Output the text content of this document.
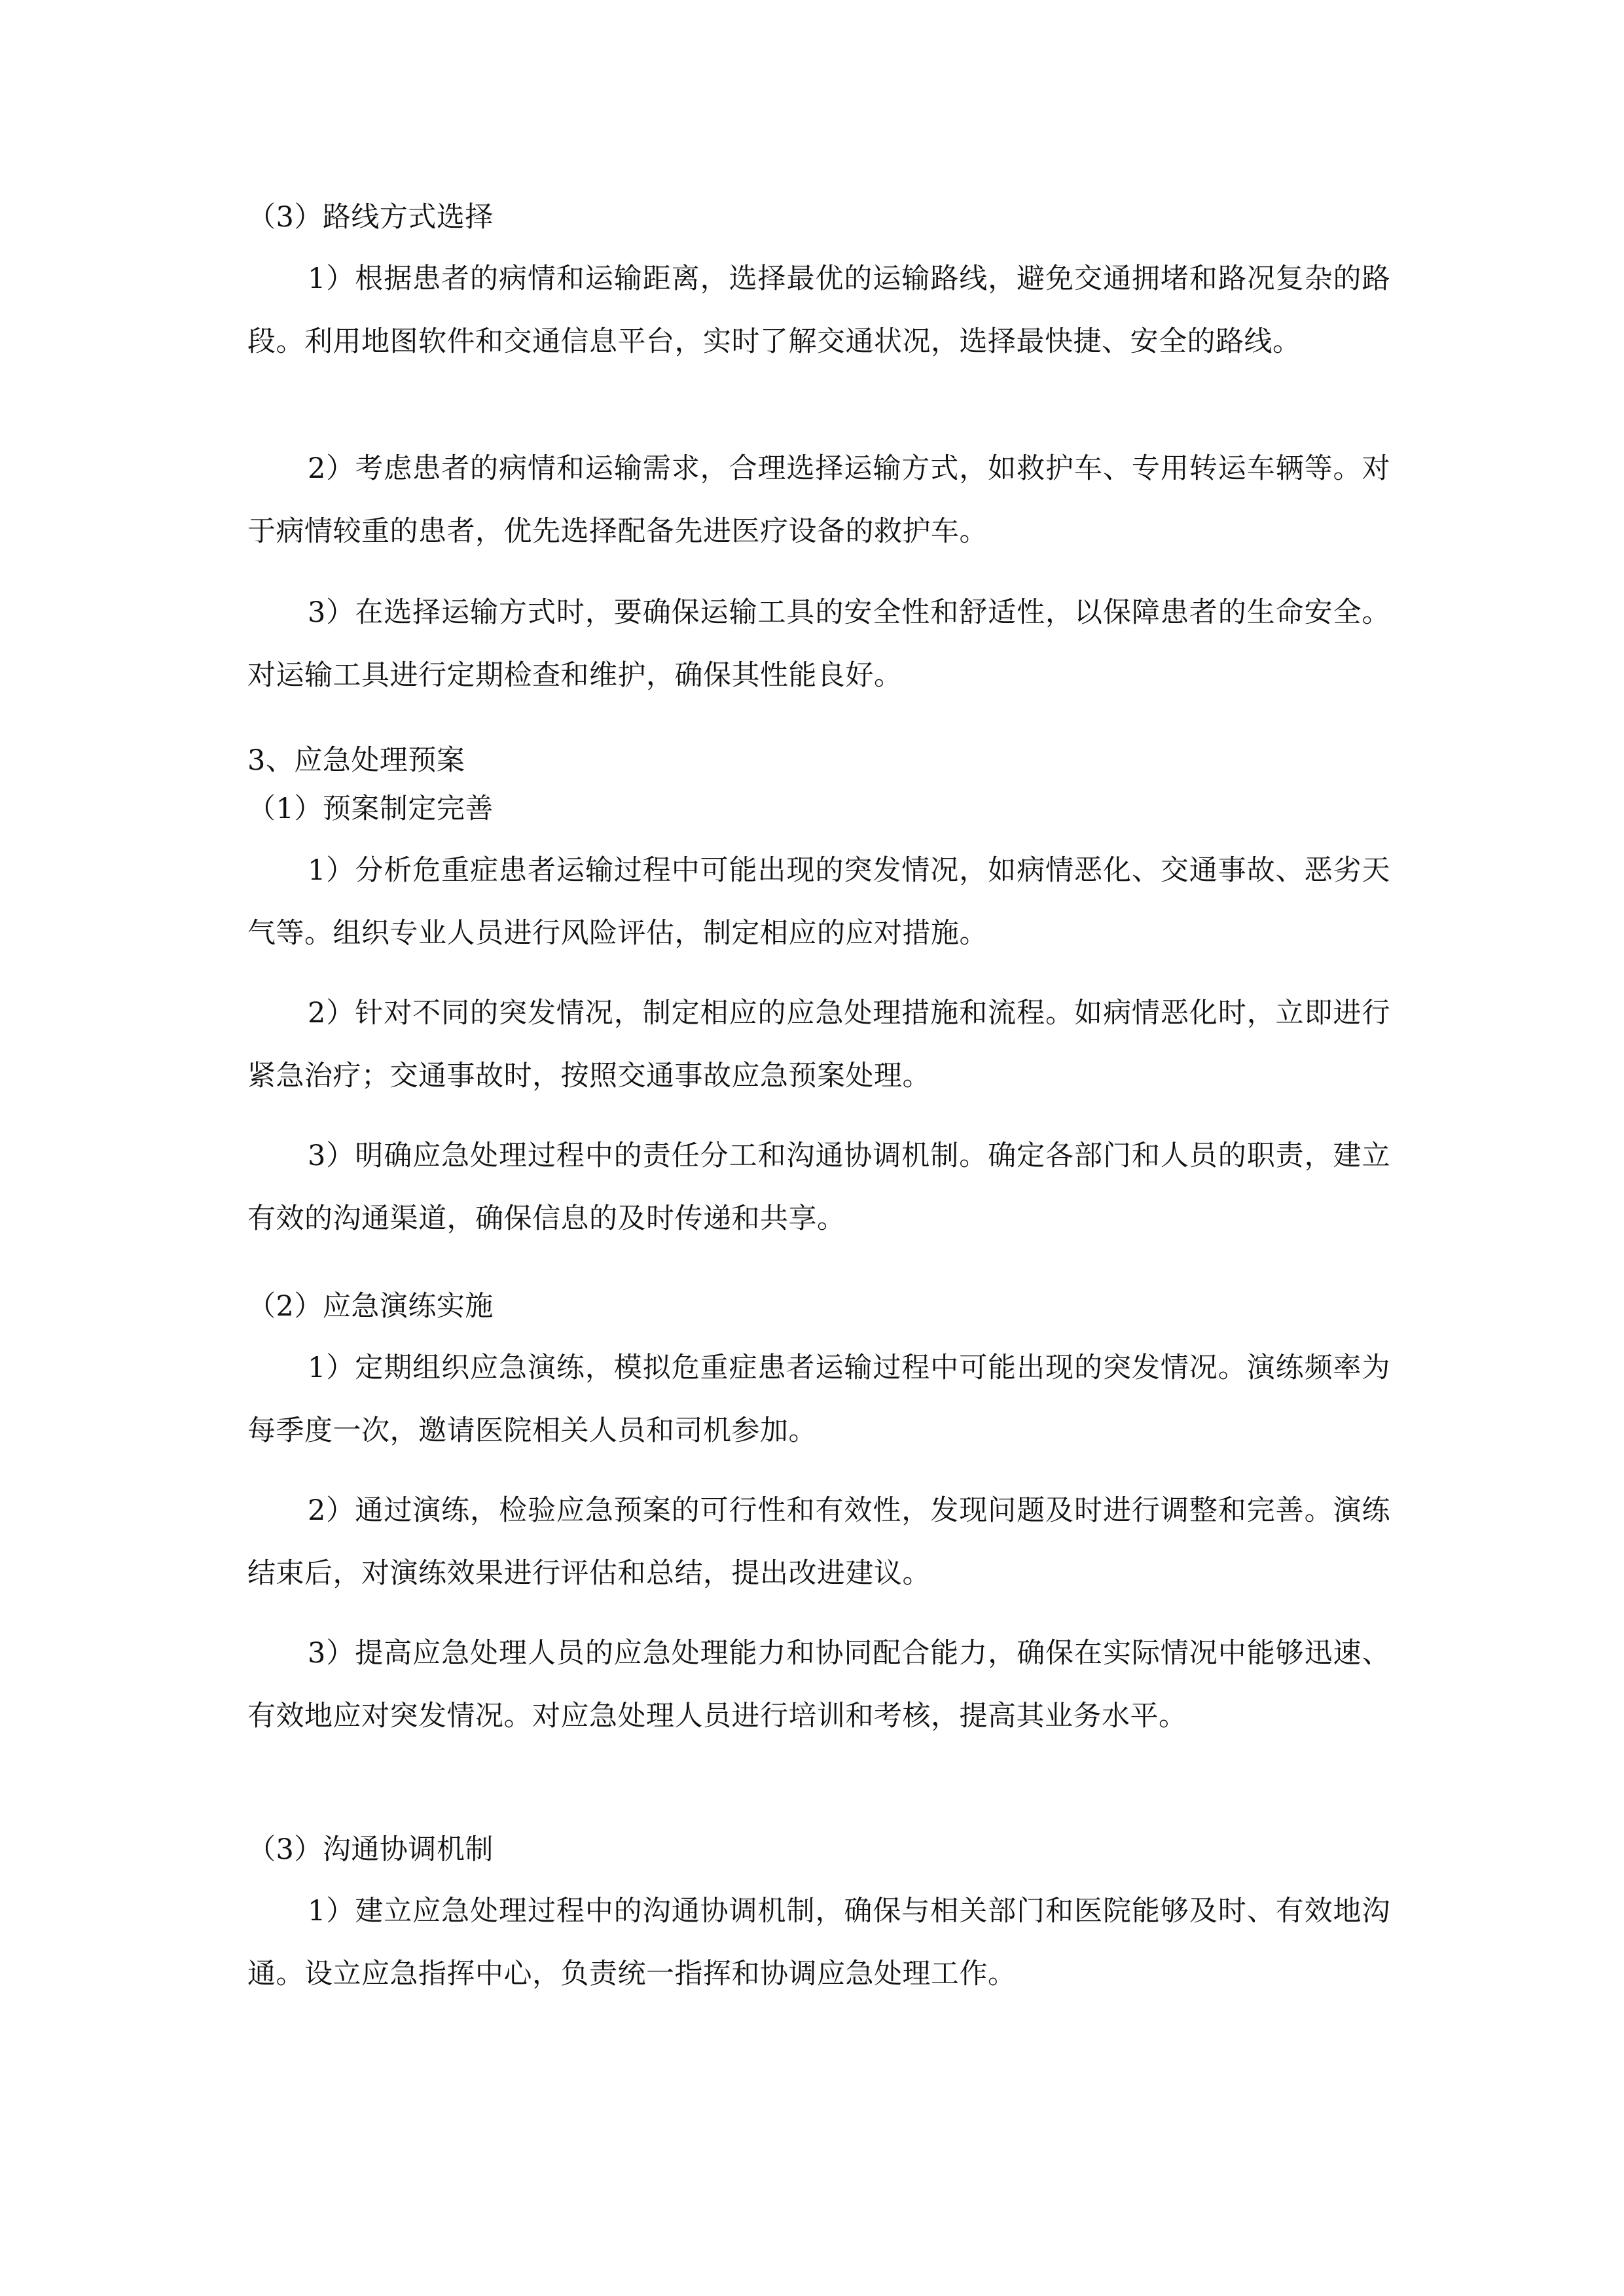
（3）路线方式选择

1）根据患者的病情和运输距离，选择最优的运输路线，避免交通拥堵和路况复杂的路段。利用地图软件和交通信息平台，实时了解交通状况，选择最快捷、安全的路线。

2）考虑患者的病情和运输需求，合理选择运输方式，如救护车、专用转运车辆等。对于病情较重的患者，优先选择配备先进医疗设备的救护车。

3）在选择运输方式时，要确保运输工具的安全性和舒适性，以保障患者的生命安全。对运输工具进行定期检查和维护，确保其性能良好。

3、应急处理预案

（1）预案制定完善

1）分析危重症患者运输过程中可能出现的突发情况，如病情恶化、交通事故、恶劣天气等。组织专业人员进行风险评估，制定相应的应对措施。

2）针对不同的突发情况，制定相应的应急处理措施和流程。如病情恶化时，立即进行紧急治疗；交通事故时，按照交通事故应急预案处理。

3）明确应急处理过程中的责任分工和沟通协调机制。确定各部门和人员的职责，建立有效的沟通渠道，确保信息的及时传递和共享。

（2）应急演练实施

1）定期组织应急演练，模拟危重症患者运输过程中可能出现的突发情况。演练频率为每季度一次，邀请医院相关人员和司机参加。

2）通过演练，检验应急预案的可行性和有效性，发现问题及时进行调整和完善。演练结束后，对演练效果进行评估和总结，提出改进建议。

3）提高应急处理人员的应急处理能力和协同配合能力，确保在实际情况中能够迅速、有效地应对突发情况。对应急处理人员进行培训和考核，提高其业务水平。

（3）沟通协调机制

1）建立应急处理过程中的沟通协调机制，确保与相关部门和医院能够及时、有效地沟通。设立应急指挥中心，负责统一指挥和协调应急处理工作。
